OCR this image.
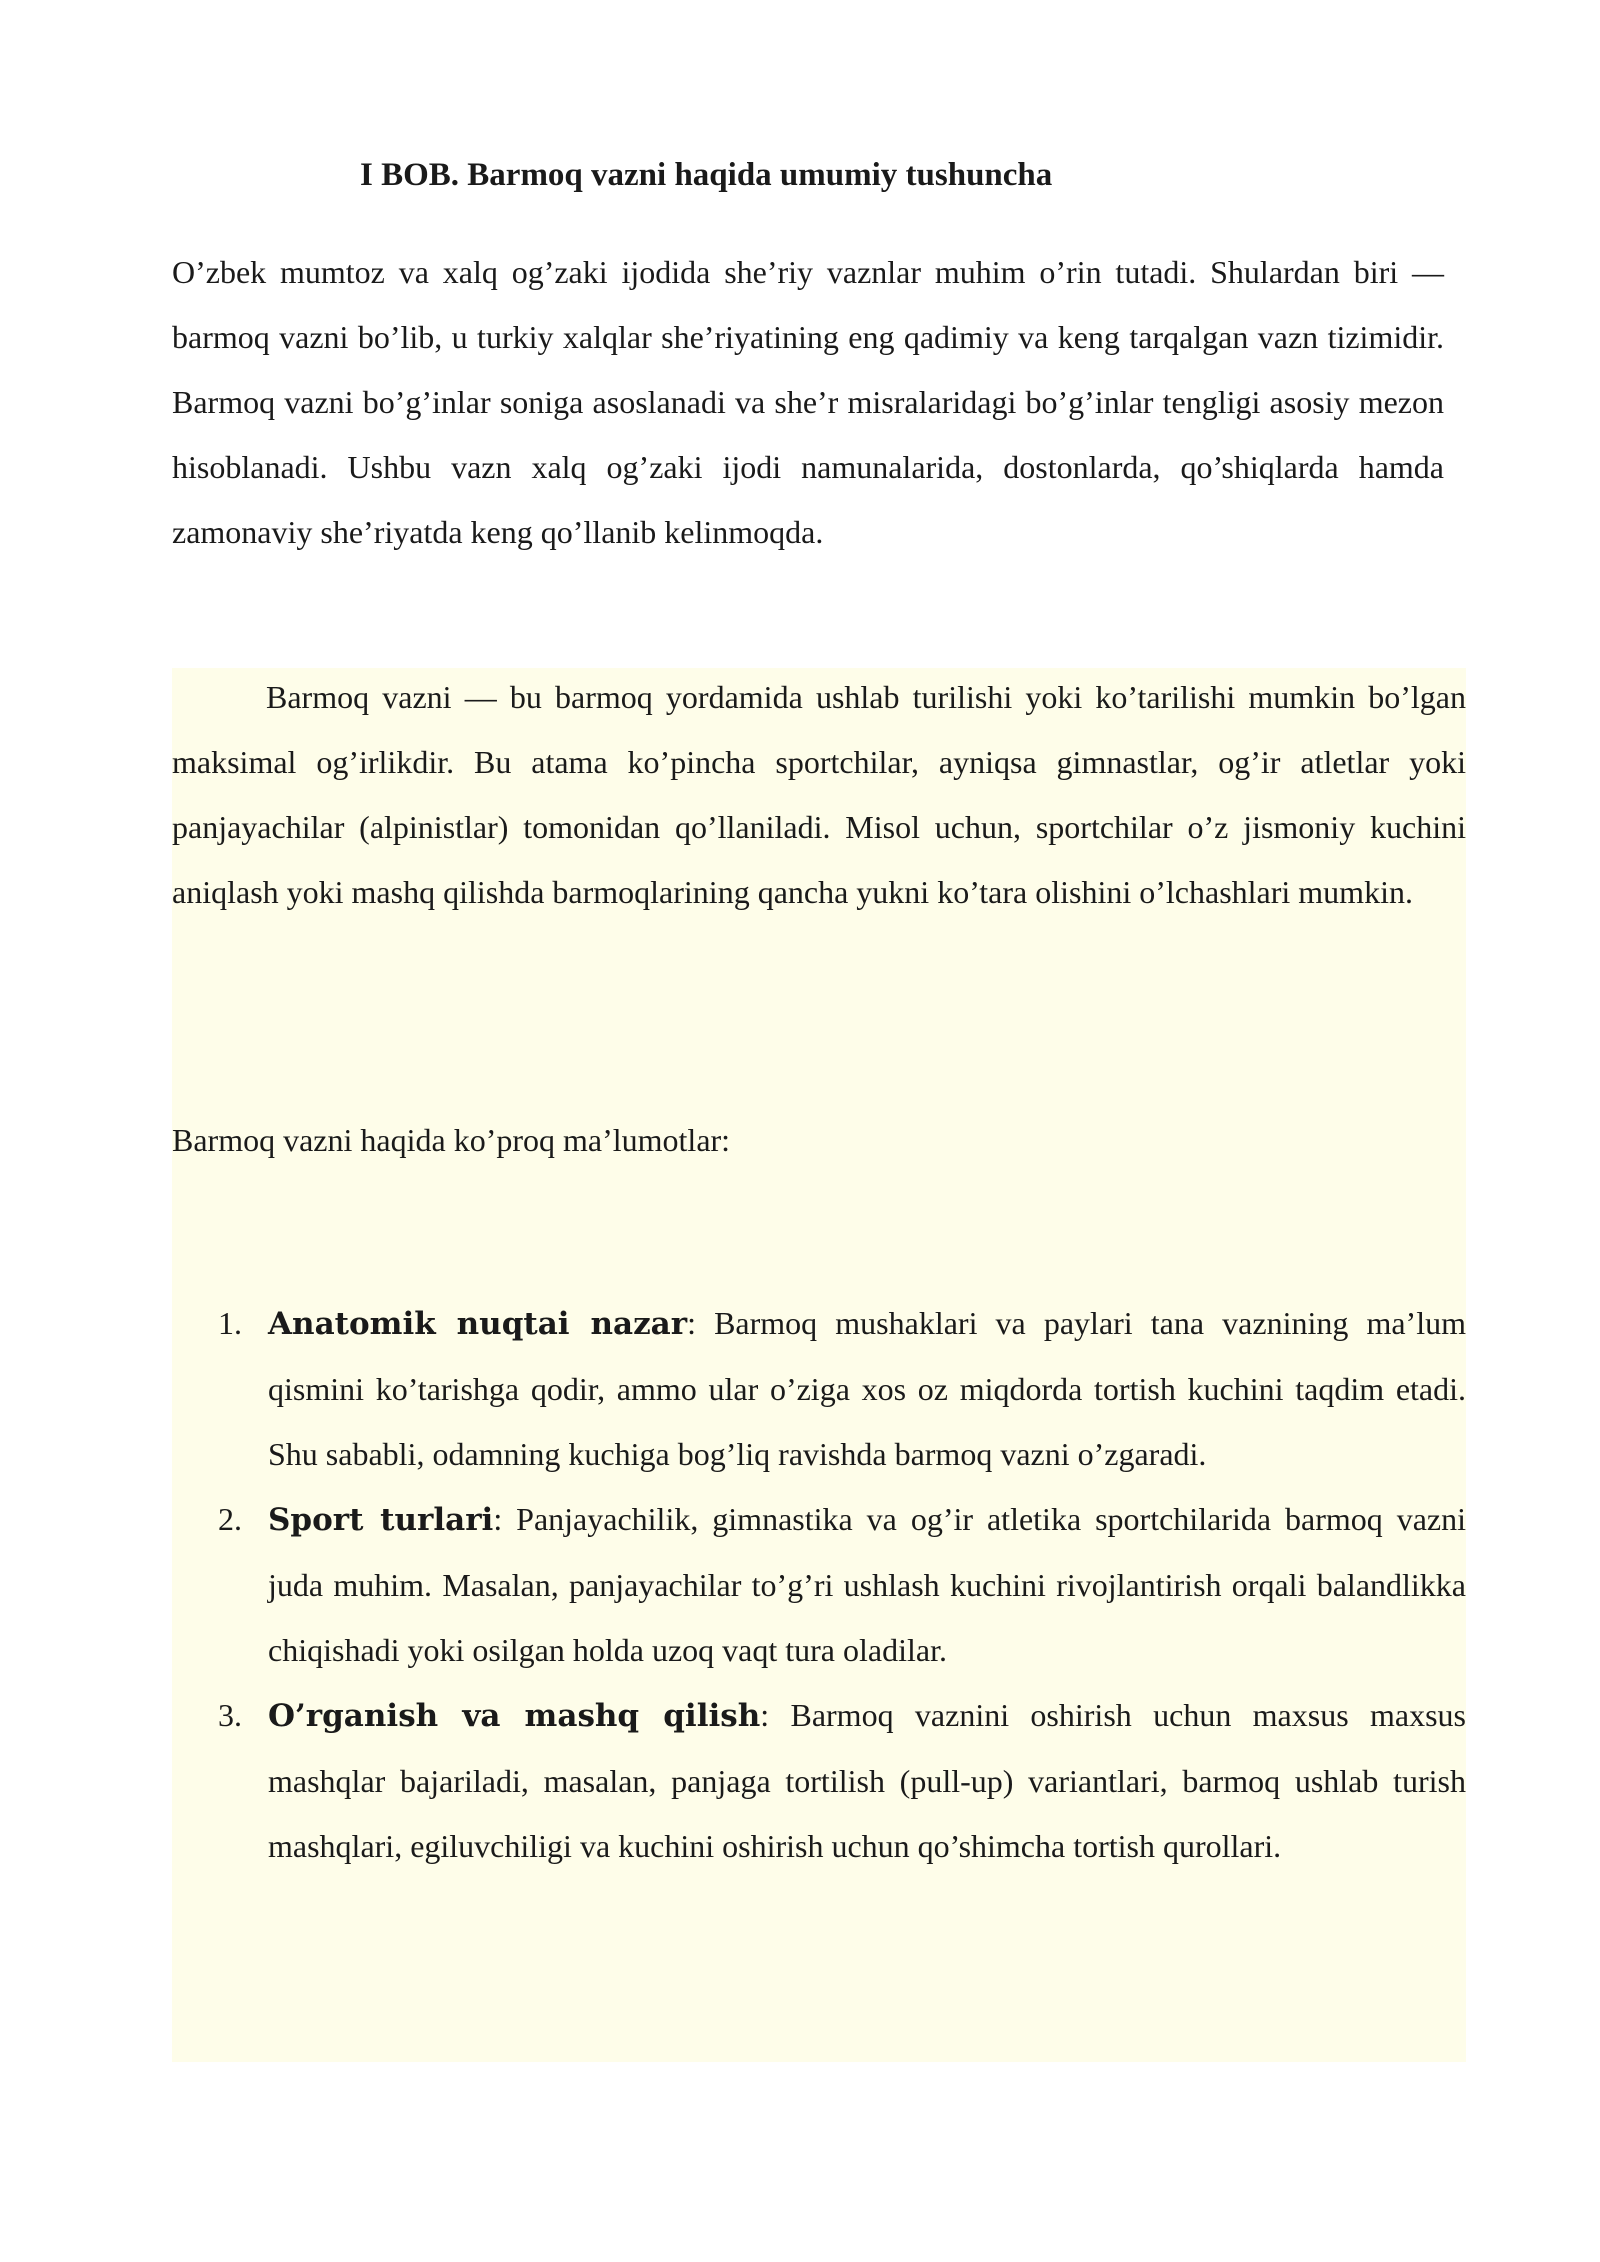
I BOB. Barmoq vazni haqida umumiy tushuncha

O’zbek mumtoz va xalq og’zaki ijodida she’riy vaznlar muhim o’rin tutadi. Shulardan biri — barmoq vazni bo’lib, u turkiy xalqlar she’riyatining eng qadimiy va keng tarqalgan vazn tizimidir. Barmoq vazni bo’g’inlar soniga asoslanadi va she’r misralaridagi bo’g’inlar tengligi asosiy mezon hisoblanadi. Ushbu vazn xalq og’zaki ijodi namunalarida, dostonlarda, qo’shiqlarda hamda zamonaviy she’riyatda keng qo’llanib kelinmoqda.

Barmoq vazni — bu barmoq yordamida ushlab turilishi yoki ko’tarilishi mumkin bo’lgan maksimal og’irlikdir. Bu atama ko’pincha sportchilar, ayniqsa gimnastlar, og’ir atletlar yoki panjayachilar (alpinistlar) tomonidan qo’llaniladi. Misol uchun, sportchilar o’z jismoniy kuchini aniqlash yoki mashq qilishda barmoqlarining qancha yukni ko’tara olishini o’lchashlari mumkin.

Barmoq vazni haqida ko’proq ma’lumotlar:

1. Anatomik nuqtai nazar: Barmoq mushaklari va paylari tana vaznining ma’lum qismini ko’tarishga qodir, ammo ular o’ziga xos oz miqdorda tortish kuchini taqdim etadi. Shu sababli, odamning kuchiga bog’liq ravishda barmoq vazni o’zgaradi.
2. Sport turlari: Panjayachilik, gimnastika va og’ir atletika sportchilarida barmoq vazni juda muhim. Masalan, panjayachilar to’g’ri ushlash kuchini rivojlantirish orqali balandlikka chiqishadi yoki osilgan holda uzoq vaqt tura oladilar.
3. O’rganish va mashq qilish: Barmoq vaznini oshirish uchun maxsus maxsus mashqlar bajariladi, masalan, panjaga tortilish (pull-up) variantlari, barmoq ushlab turish mashqlari, egiluvchiligi va kuchini oshirish uchun qo’shimcha tortish qurollari.
